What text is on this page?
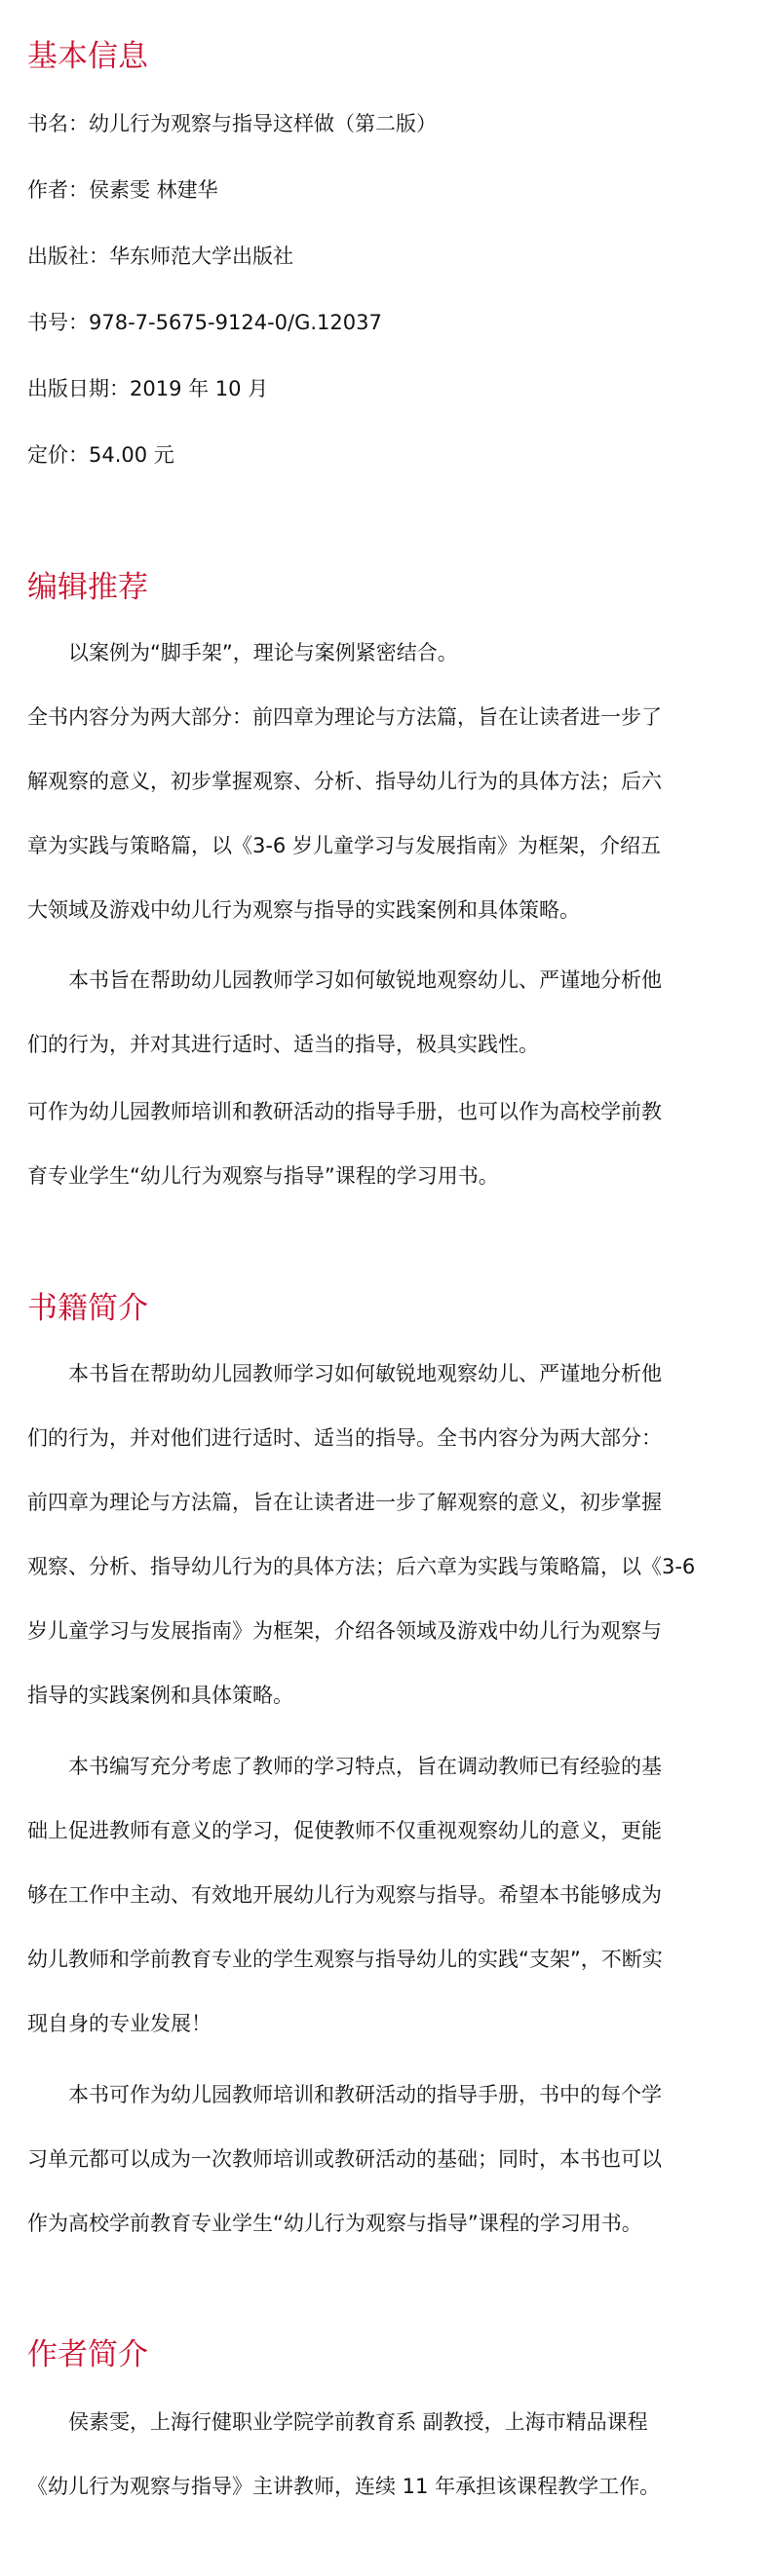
基本信息
书名：幼儿行为观察与指导这样做（第二版）
作者：侯素雯 林建华
出版社：华东师范大学出版社
书号：978-7-5675-9124-0/G.12037
出版日期：2019 年 10 月
定价：54.00 元
编辑推荐
以案例为“脚手架”，理论与案例紧密结合。
全书内容分为两大部分：前四章为理论与方法篇，旨在让读者进一步了
解观察的意义，初步掌握观察、分析、指导幼儿行为的具体方法；后六
章为实践与策略篇，以《3-6 岁儿童学习与发展指南》为框架，介绍五
大领域及游戏中幼儿行为观察与指导的实践案例和具体策略。
本书旨在帮助幼儿园教师学习如何敏锐地观察幼儿、严谨地分析他
们的行为，并对其进行适时、适当的指导，极具实践性。
可作为幼儿园教师培训和教研活动的指导手册，也可以作为高校学前教
育专业学生“幼儿行为观察与指导”课程的学习用书。
书籍简介
本书旨在帮助幼儿园教师学习如何敏锐地观察幼儿、严谨地分析他
们的行为，并对他们进行适时、适当的指导。全书内容分为两大部分：
前四章为理论与方法篇，旨在让读者进一步了解观察的意义，初步掌握
观察、分析、指导幼儿行为的具体方法；后六章为实践与策略篇，以《3-6
岁儿童学习与发展指南》为框架，介绍各领域及游戏中幼儿行为观察与
指导的实践案例和具体策略。
本书编写充分考虑了教师的学习特点，旨在调动教师已有经验的基
础上促进教师有意义的学习，促使教师不仅重视观察幼儿的意义，更能
够在工作中主动、有效地开展幼儿行为观察与指导。希望本书能够成为
幼儿教师和学前教育专业的学生观察与指导幼儿的实践“支架”，不断实
现自身的专业发展！
本书可作为幼儿园教师培训和教研活动的指导手册，书中的每个学
习单元都可以成为一次教师培训或教研活动的基础；同时，本书也可以
作为高校学前教育专业学生“幼儿行为观察与指导”课程的学习用书。
作者简介
侯素雯，上海行健职业学院学前教育系 副教授，上海市精品课程
《幼儿行为观察与指导》主讲教师，连续 11 年承担该课程教学工作。
